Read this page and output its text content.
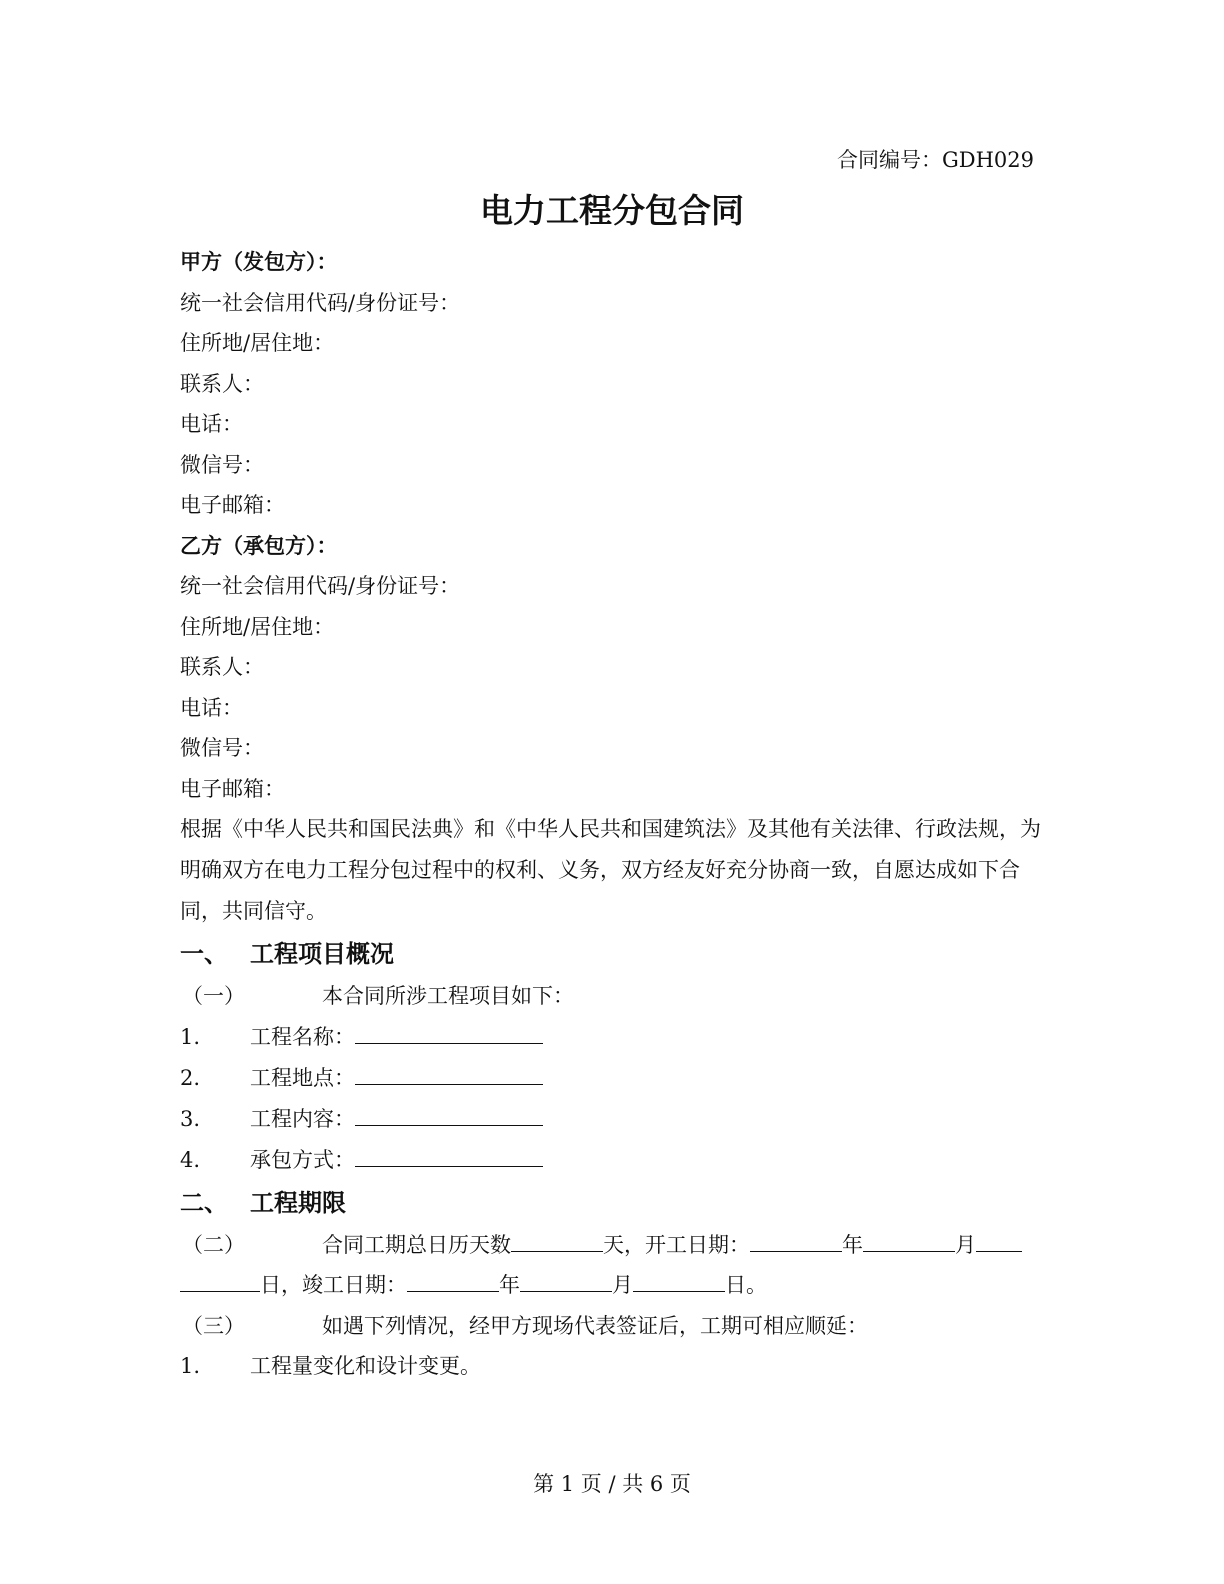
合同编号：GDH029
电力工程分包合同
甲方（发包方）：
统一社会信用代码/身份证号：
住所地/居住地：
联系人：
电话：
微信号：
电子邮箱：
乙方（承包方）：
统一社会信用代码/身份证号：
住所地/居住地：
联系人：
电话：
微信号：
电子邮箱：
根据《中华人民共和国民法典》和《中华人民共和国建筑法》及其他有关法律、行政法规，为明确双方在电力工程分包过程中的权利、义务，双方经友好充分协商一致，自愿达成如下合同，共同信守。
一、 工程项目概况
（一）	本合同所涉工程项目如下：
1. 工程名称：
2. 工程地点：
3. 工程内容：
4. 承包方式：
二、 工程期限
（二）	合同工期总日历天数	天，开工日期：	年	月
日，竣工日期：	年	月	日。
（三）	如遇下列情况，经甲方现场代表签证后，工期可相应顺延：
1. 工程量变化和设计变更。
第 1 页 / 共 6 页
